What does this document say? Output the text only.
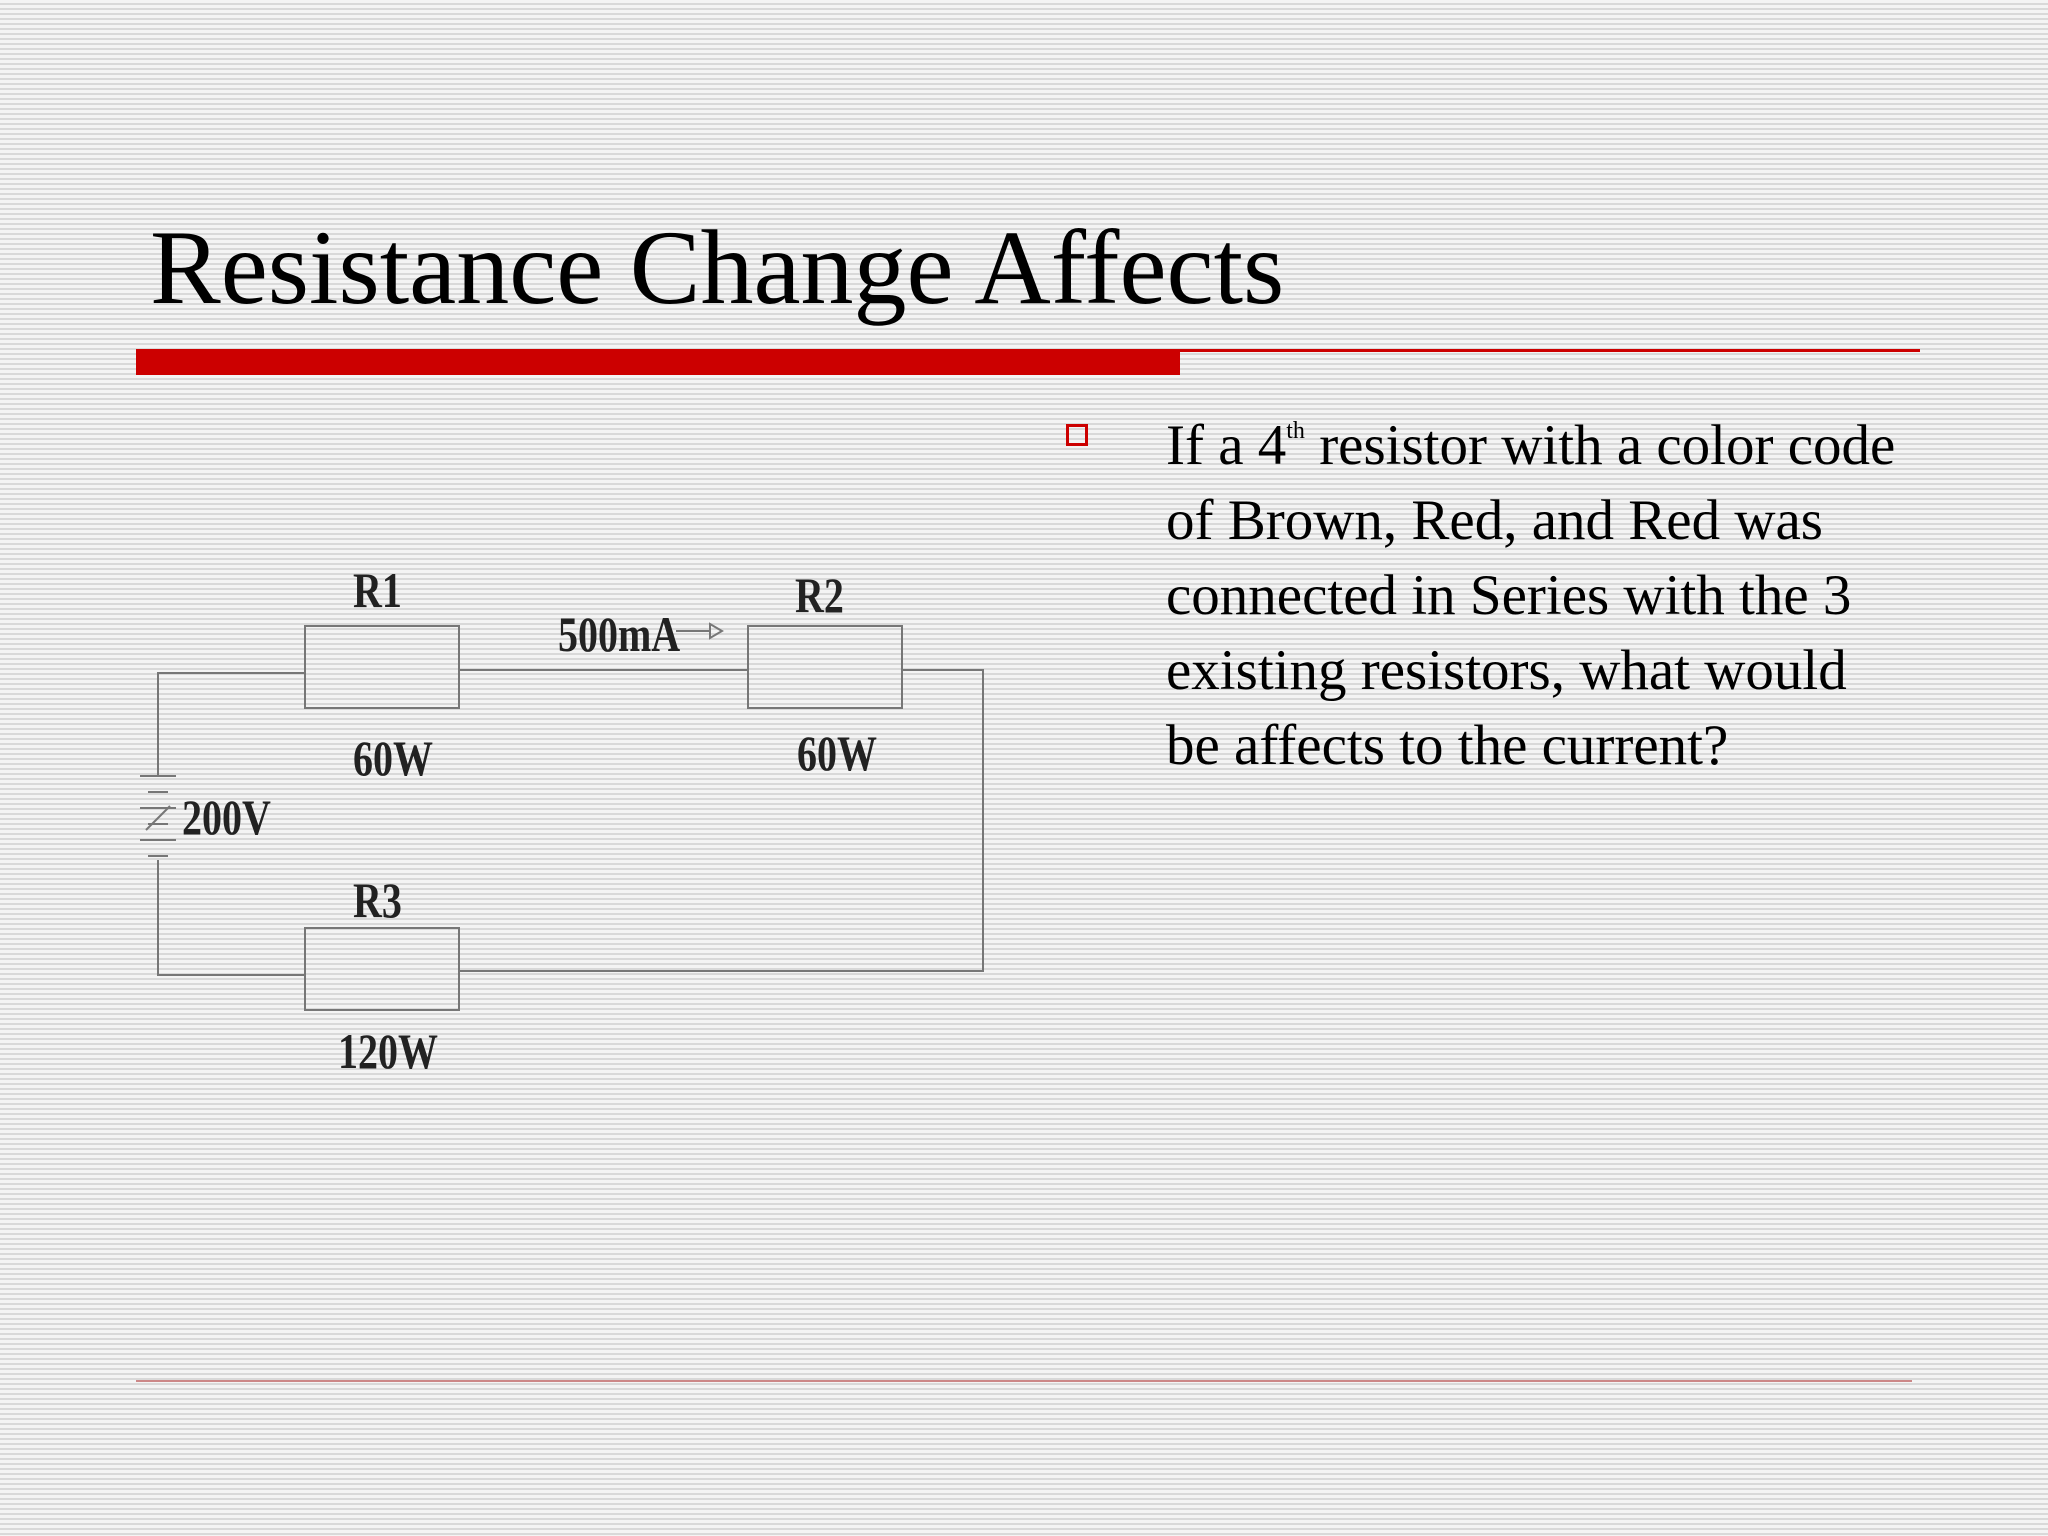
Resistance Change Affects
R1
60W
R2
60W
R3
120W
500mA
200V

If a 4th resistor with a color code of Brown, Red, and Red was connected in Series with the 3 existing resistors, what would be affects to the current?
